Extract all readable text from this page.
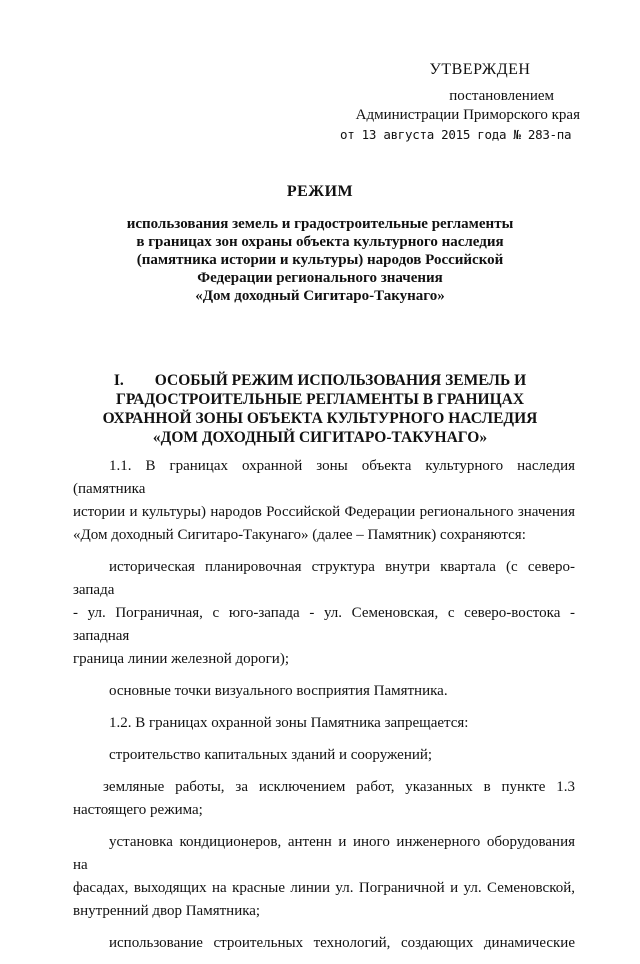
УТВЕРЖДЕН
постановлением
Администрации Приморского края
от 13 августа 2015 года № 283-па
РЕЖИМ
использования земель и градостроительные регламенты
в границах зон охраны объекта культурного наследия
(памятника истории и культуры) народов Российской
Федерации регионального значения
«Дом доходный Сигитаро-Такунаго»
I.        ОСОБЫЙ РЕЖИМ ИСПОЛЬЗОВАНИЯ ЗЕМЕЛЬ И
ГРАДОСТРОИТЕЛЬНЫЕ РЕГЛАМЕНТЫ В ГРАНИЦАХ
ОХРАННОЙ ЗОНЫ ОБЪЕКТА КУЛЬТУРНОГО НАСЛЕДИЯ
«ДОМ ДОХОДНЫЙ СИГИТАРО-ТАКУНАГО»
1.1. В границах охранной зоны объекта культурного наследия (памятника
истории и культуры) народов Российской Федерации регионального значения
«Дом доходный Сигитаро-Такунаго» (далее – Памятник) сохраняются:
историческая планировочная структура внутри квартала (с северо-запада
- ул. Пограничная, с юго-запада - ул. Семеновская, с северо-востока - западная
граница линии железной дороги);
основные точки визуального восприятия Памятника.
1.2. В границах охранной зоны Памятника запрещается:
строительство капитальных зданий и сооружений;
земляные работы, за исключением работ, указанных в пункте 1.3
настоящего режима;
установка кондиционеров, антенн и иного инженерного оборудования на
фасадах, выходящих на красные линии ул. Пограничной и ул. Семеновской,
внутренний двор Памятника;
использование строительных технологий, создающих динамические
